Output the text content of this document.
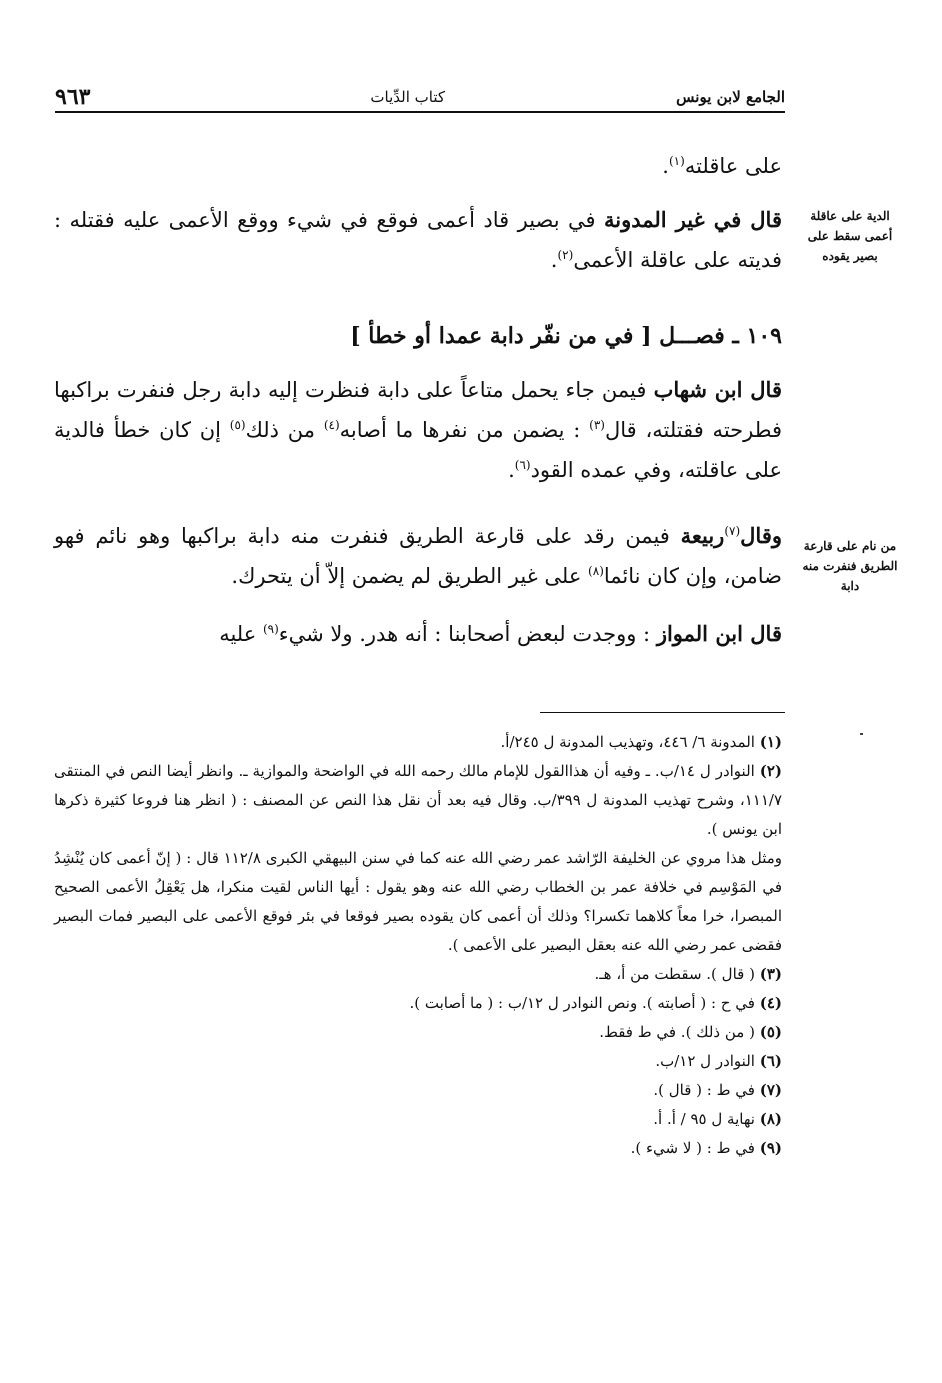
الجامع لابن يونس
كتاب الدِّيات
٩٦٣
الدية على عاقلة أعمى سقط على بصير يقوده
من نام على قارعة الطريق فنفرت منه دابة
على عاقلته$^{(١)}$.
قال في غير المدونة في بصير قاد أعمى فوقع في شيء ووقع الأعمى عليه فقتله : فديته على عاقلة الأعمى$^{(٢)}$.
١٠٩ ـ فصـــل [ في من نفّر دابة عمدا أو خطأ ]
قال ابن شهاب فيمن جاء يحمل متاعاً على دابة فنظرت إليه دابة رجل فنفرت براكبها فطرحته فقتلته، قال$^{(٣)}$ : يضمن من نفرها ما أصابه$^{(٤)}$ من ذلك$^{(٥)}$ إن كان خطأ فالدية على عاقلته، وفي عمده القود$^{(٦)}$.
وقال$^{(٧)}$ربيعة فيمن رقد على قارعة الطريق فنفرت منه دابة براكبها وهو نائم فهو ضامن، وإن كان نائما$^{(٨)}$ على غير الطريق لم يضمن إلاّ أن يتحرك.
قال ابن المواز : ووجدت لبعض أصحابنا : أنه هدر. ولا شيء$^{(٩)}$ عليه
(١) المدونة ٦/ ٤٤٦، وتهذيب المدونة ل ٢٤٥/أ.
(٢) النوادر ل ١٤/ب. ـ وفيه أن هذاالقول للإمام مالك رحمه الله في الواضحة والموازية ـ. وانظر أيضا النص في المنتقى ١١١/٧، وشرح تهذيب المدونة ل ٣٩٩/ب. وقال فيه بعد أن نقل هذا النص عن المصنف : ( انظر هنا فروعا كثيرة ذكرها ابن يونس ).
ومثل هذا مروي عن الخليفة الرّاشد عمر رضي الله عنه كما في سنن البيهقي الكبرى ١١٢/٨ قال : ( إنّ أعمى كان يُنْشِدُ في المَوْسِم في خلافة عمر بن الخطاب رضي الله عنه وهو يقول : أيها الناس لقيت منكرا، هل يَعْقِلُ الأعمى الصحيح المبصرا، خرا معاً كلاهما تكسرا؟ وذلك أن أعمى كان يقوده بصير فوقعا في بئر فوقع الأعمى على البصير فمات البصير فقضى عمر رضي الله عنه بعقل البصير على الأعمى ).
(٣) ( قال ). سقطت من أ، هـ.
(٤) في ح : ( أصابته ). ونص النوادر ل ١٢/ب : ( ما أصابت ).
(٥) ( من ذلك ). في ط فقط.
(٦) النوادر ل ١٢/ب.
(٧) في ط : ( قال ).
(٨) نهاية ل ٩٥ / أ. أ.
(٩) في ط : ( لا شيء ).
